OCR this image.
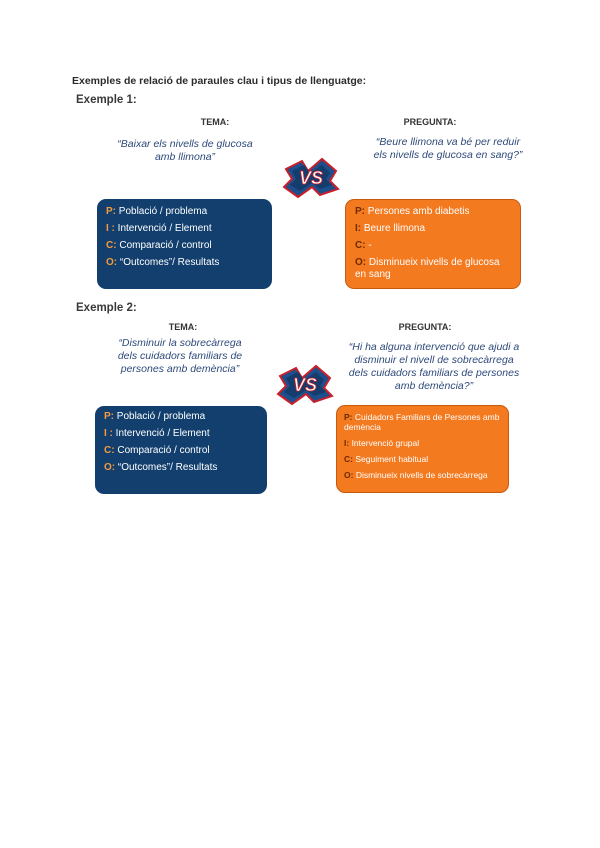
Exemples de relació de paraules clau i tipus de llenguatge:
Exemple 1:
TEMA:	PREGUNTA:
“Baixar els nivells de glucosa
amb llimona”
“Beure llimona va bé per reduir
els nivells de glucosa en sang?”
VS
P: Població / problema
I : Intervenció / Element
C: Comparació / control
O: “Outcomes”/ Resultats
P: Persones amb diabetis
I: Beure llimona
C: -
O: Disminueix nivells de glucosa en sang
Exemple 2:
TEMA:	PREGUNTA:
“Disminuir la sobrecàrrega
dels cuidadors familiars de
persones amb demència”
“Hi ha alguna intervenció que ajudi a
disminuir el nivell de sobrecàrrega
dels cuidadors familiars de persones
amb demència?”
VS
P: Població / problema
I : Intervenció / Element
C: Comparació / control
O: “Outcomes”/ Resultats
P: Cuidadors Familiars de Persones amb demència
I: Intervenció grupal
C: Seguiment habitual
O: Disminueix nivells de sobrecàrrega
